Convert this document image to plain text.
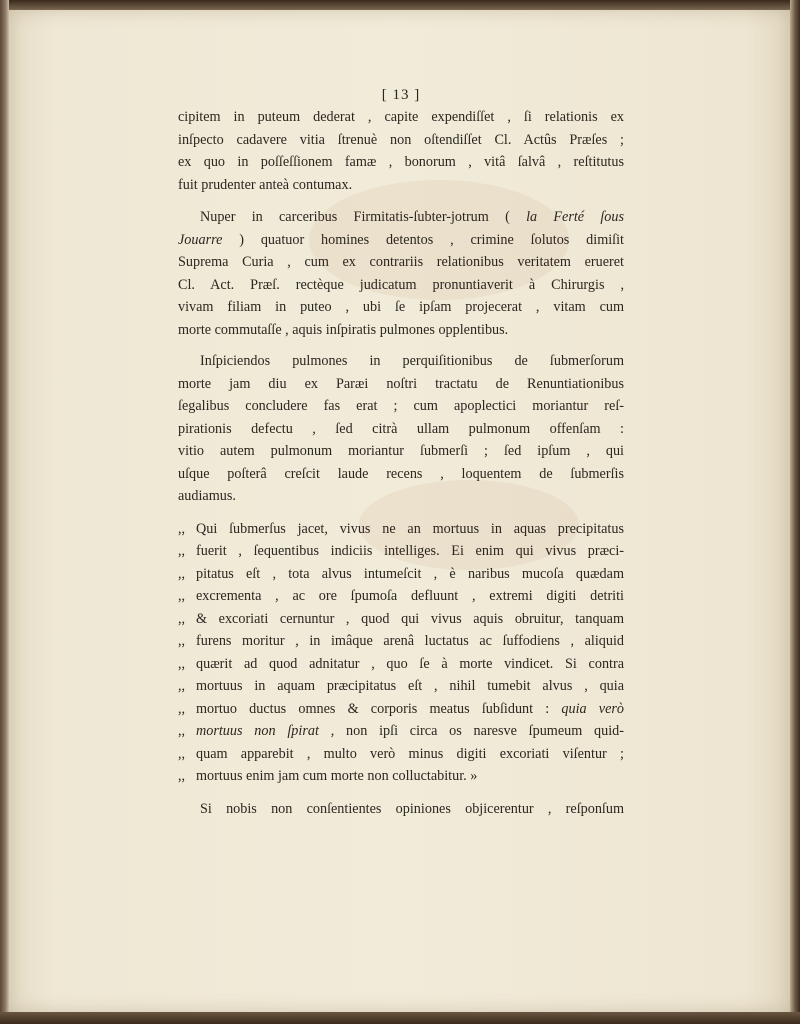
[ 13 ]

cipitem in puteum dederat , capite expendiſſet , ſi relationis ex
inſpectо cadavere vitia ſtrenuè non oſtendiſſet Cl. Actûs Præſes ;
ex quo in poſſeſſionem famæ , bonorum , vitâ ſalvâ , reſtitutus
fuit prudenter anteà contumax.

Nuper in carceribus Firmitatis-ſubter-jotrum ( la Ferté ſous
Jouarre ) quatuor homines detentos , crimine ſolutos dimiſit
Suprema Curia , cum ex contrariis relationibus veritatem erueret
Cl. Act. Præſ. rectèque judicatum pronuntiaverit à Chirurgis ,
vivam filiam in puteo , ubi ſe ipſam projecerat , vitam cum
morte commutaſſe , aquis inſpiratis pulmones opplentibus.

Inſpiciendos pulmones in perquiſitionibus de ſubmerſorum
morte jam diu ex Paræi noſtri tractatu de Renuntiationibus
ſegalibus concludere fas erat ; cum apoplectici moriantur reſ-
pirationis defectu , ſed citrà ullam pulmonum offenſam :
vitio autem pulmonum moriantur ſubmerſi ; ſed ipſum , qui
uſque poſterâ creſcit laude recens , loquentem de ſubmerſis
audiamus.

,, Qui ſubmerſus jacet, vivus ne an mortuus in aquas precipitatus
,, fuerit , ſequentibus indiciis intelliges. Ei enim qui vivus præci-
,, pitatus eſt , tota alvus intumeſcit , è naribus mucoſa quædam
,, excrementa , ac ore ſpumoſa defluunt , extremi digiti detriti
,, & excoriati cernuntur , quod qui vivus aquis obruitur, tanquam
,, furens moritur , in imâque arenâ luctatus ac ſuffodiens , aliquid
,, quærit ad quod adnitatur , quo ſe à morte vindicet. Si contra
,, mortuus in aquam præcipitatus eſt , nihil tumebit alvus , quia
,, mortuo ductus omnes & corporis meatus ſubſidunt : quia verò
,, mortuus non ſpirat , non ipſi circa os naresve ſpumeum quid-
,, quam apparebit , multo verò minus digiti excoriati viſentur ;
,, mortuus enim jam cum morte non colluctabitur. »

Si nobis non conſentientes opiniones objicerentur , reſponſum
